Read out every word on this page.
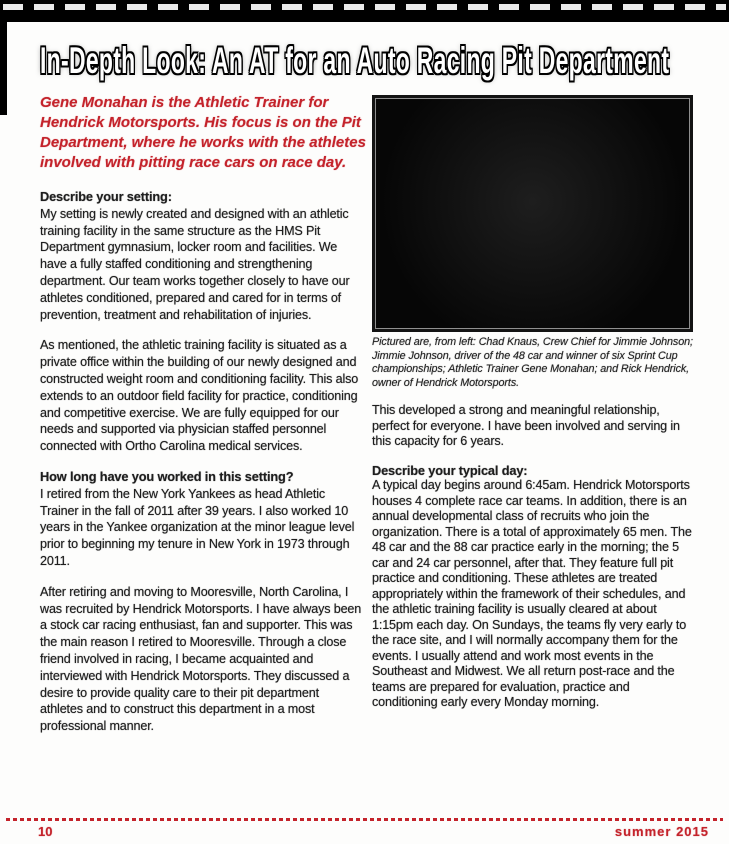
In-Depth Look: An AT for an Auto Racing Pit Department
Gene Monahan is the Athletic Trainer for Hendrick Motorsports. His focus is on the Pit Department, where he works with the athletes involved with pitting race cars on race day.
Describe your setting:

My setting is newly created and designed with an athletic training facility in the same structure as the HMS Pit Department gymnasium, locker room and facilities. We have a fully staffed conditioning and strengthening department. Our team works together closely to have our athletes conditioned, prepared and cared for in terms of prevention, treatment and rehabilitation of injuries.

As mentioned, the athletic training facility is situated as a private office within the building of our newly designed and constructed weight room and conditioning facility. This also extends to an outdoor field facility for practice, conditioning and competitive exercise. We are fully equipped for our needs and supported via physician staffed personnel connected with Ortho Carolina medical services.

How long have you worked in this setting?

I retired from the New York Yankees as head Athletic Trainer in the fall of 2011 after 39 years. I also worked 10 years in the Yankee organization at the minor league level prior to beginning my tenure in New York in 1973 through 2011.

After retiring and moving to Mooresville, North Carolina, I was recruited by Hendrick Motorsports. I have always been a stock car racing enthusiast, fan and supporter. This was the main reason I retired to Mooresville. Through a close friend involved in racing, I became acquainted and interviewed with Hendrick Motorsports. They discussed a desire to provide quality care to their pit department athletes and to construct this department in a most professional manner.

Pictured are, from left: Chad Knaus, Crew Chief for Jimmie Johnson; Jimmie Johnson, driver of the 48 car and winner of six Sprint Cup championships; Athletic Trainer Gene Monahan; and Rick Hendrick, owner of Hendrick Motorsports.

This developed a strong and meaningful relationship, perfect for everyone. I have been involved and serving in this capacity for 6 years.

Describe your typical day:

A typical day begins around 6:45am. Hendrick Motorsports houses 4 complete race car teams. In addition, there is an annual developmental class of recruits who join the organization. There is a total of approximately 65 men. The 48 car and the 88 car practice early in the morning; the 5 car and 24 car personnel, after that. They feature full pit practice and conditioning. These athletes are treated appropriately within the framework of their schedules, and the athletic training facility is usually cleared at about 1:15pm each day. On Sundays, the teams fly very early to the race site, and I will normally accompany them for the events. I usually attend and work most events in the Southeast and Midwest. We all return post-race and the teams are prepared for evaluation, practice and conditioning early every Monday morning.

10	summer 2015
